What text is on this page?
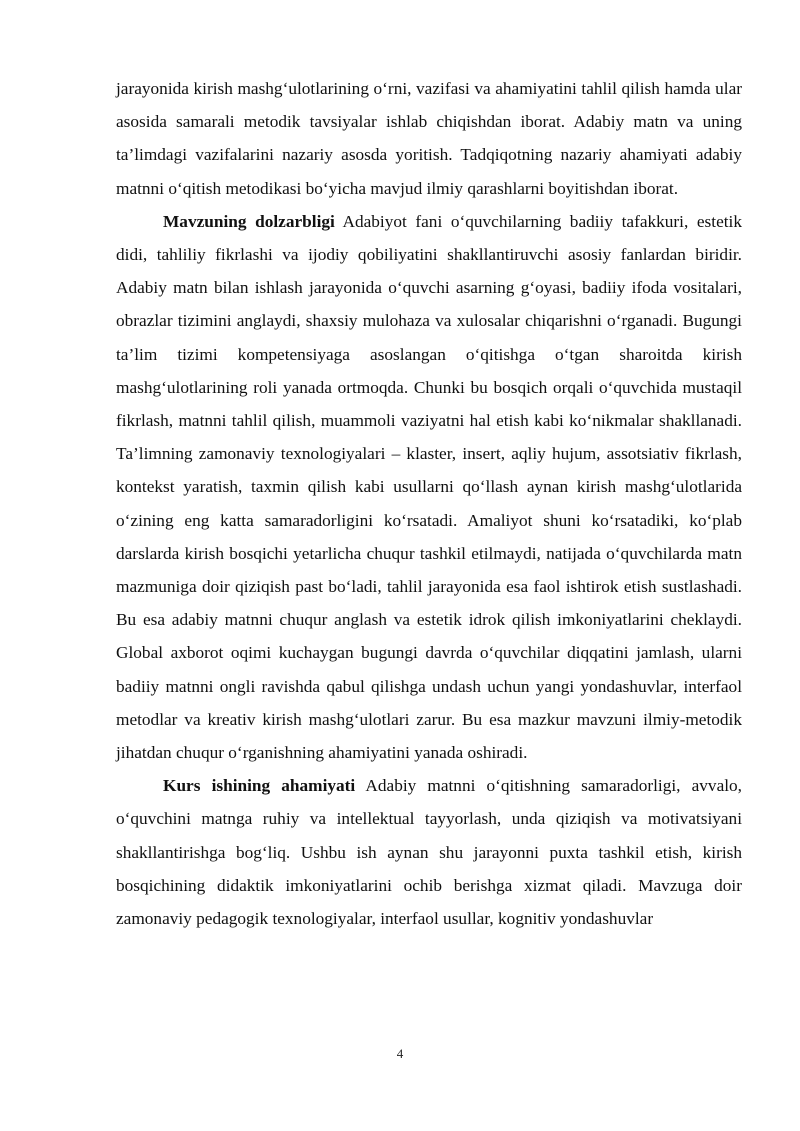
jarayonida kirish mashg‘ulotlarining o‘rni, vazifasi va ahamiyatini tahlil qilish hamda ular asosida samarali metodik tavsiyalar ishlab chiqishdan iborat. Adabiy matn va uning ta’limdagi vazifalarini nazariy asosda yoritish. Tadqiqotning nazariy ahamiyati adabiy matnni o‘qitish metodikasi bo‘yicha mavjud ilmiy qarashlarni boyitishdan iborat.

Mavzuning dolzarbligi Adabiyot fani o‘quvchilarning badiiy tafakkuri, estetik didi, tahliliy fikrlashi va ijodiy qobiliyatini shakllantiruvchi asosiy fanlardan biridir. Adabiy matn bilan ishlash jarayonida o‘quvchi asarning g‘oyasi, badiiy ifoda vositalari, obrazlar tizimini anglaydi, shaxsiy mulohaza va xulosalar chiqarishni o‘rganadi. Bugungi ta’lim tizimi kompetensiyaga asoslangan o‘qitishga o‘tgan sharoitda kirish mashg‘ulotlarining roli yanada ortmoqda. Chunki bu bosqich orqali o‘quvchida mustaqil fikrlash, matnni tahlil qilish, muammoli vaziyatni hal etish kabi ko‘nikmalar shakllanadi. Ta’limning zamonaviy texnologiyalari – klaster, insert, aqliy hujum, assotsiativ fikrlash, kontekst yaratish, taxmin qilish kabi usullarni qo‘llash aynan kirish mashg‘ulotlarida o‘zining eng katta samaradorligini ko‘rsatadi. Amaliyot shuni ko‘rsatadiki, ko‘plab darslarda kirish bosqichi yetarlicha chuqur tashkil etilmaydi, natijada o‘quvchilarda matn mazmuniga doir qiziqish past bo‘ladi, tahlil jarayonida esa faol ishtirok etish sustlashadi. Bu esa adabiy matnni chuqur anglash va estetik idrok qilish imkoniyatlarini cheklaydi. Global axborot oqimi kuchaygan bugungi davrda o‘quvchilar diqqatini jamlash, ularni badiiy matnni ongli ravishda qabul qilishga undash uchun yangi yondashuvlar, interfaol metodlar va kreativ kirish mashg‘ulotlari zarur. Bu esa mazkur mavzuni ilmiy-metodik jihatdan chuqur o‘rganishning ahamiyatini yanada oshiradi.

Kurs ishining ahamiyati Adabiy matnni o‘qitishning samaradorligi, avvalo, o‘quvchini matnga ruhiy va intellektual tayyorlash, unda qiziqish va motivatsiyani shakllantirishga bog‘liq. Ushbu ish aynan shu jarayonni puxta tashkil etish, kirish bosqichining didaktik imkoniyatlarini ochib berishga xizmat qiladi. Mavzuga doir zamonaviy pedagogik texnologiyalar, interfaol usullar, kognitiv yondashuvlar

4
